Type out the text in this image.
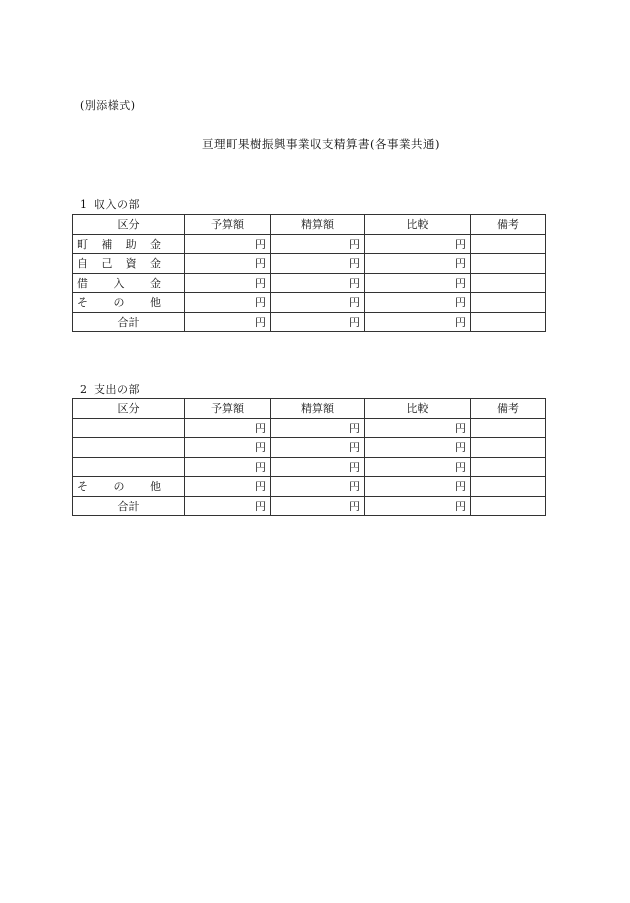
(別添様式)
亘理町果樹振興事業収支精算書(各事業共通)
1 収入の部
区分	予算額	精算額	比較	備考

町 補 助 金	円	円	円	

自 己 資 金	円	円	円	

借 入 金	円	円	円	

そ の 他	円	円	円	
合計	円	円	円	
2 支出の部
区分	予算額	精算額	比較	備考

	円	円	円	

	円	円	円	

	円	円	円	

そ の 他	円	円	円	
合計	円	円	円	
